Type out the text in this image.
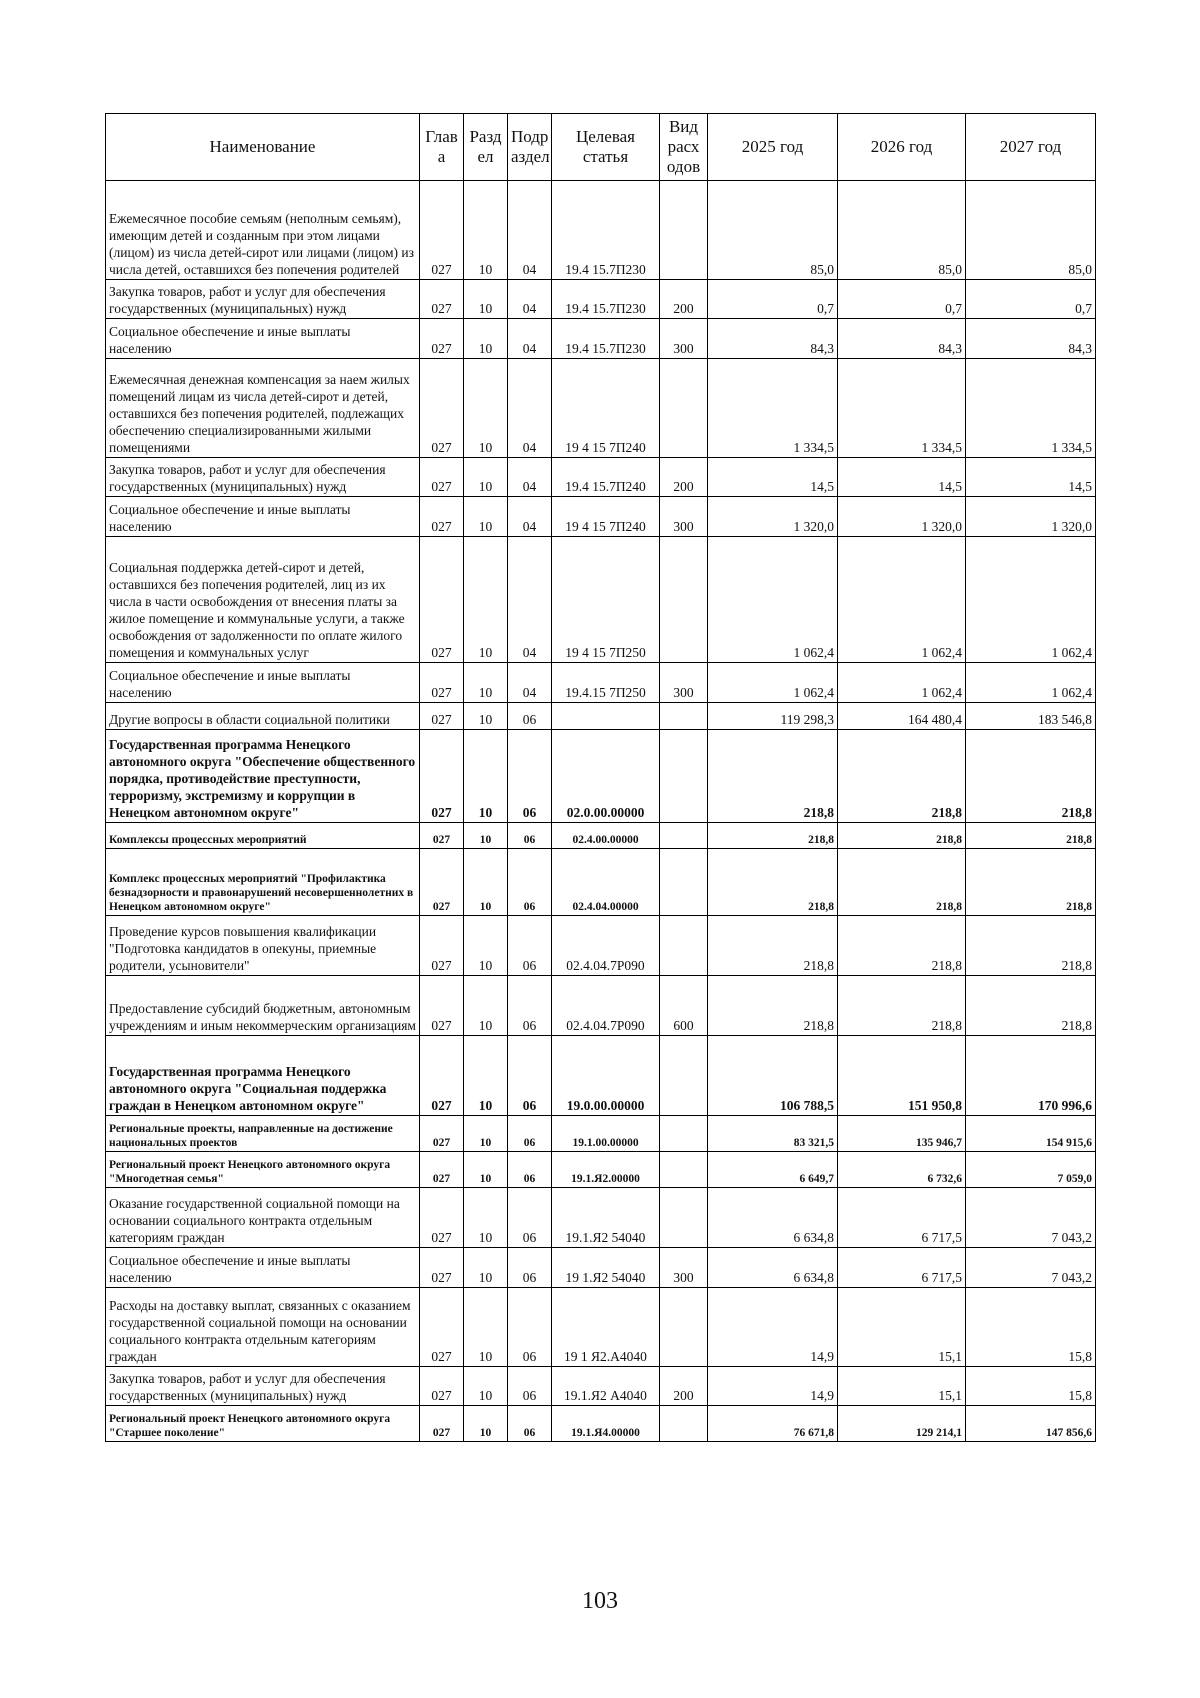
Наименование	Глав а	Разд ел	Подр аздел	Целевая статья	Вид расх одов	2025 год	2026 год	2027 год
Ежемесячное пособие семьям (неполным семьям), имеющим детей и созданным при этом лицами (лицом) из числа детей-сирот или лицами (лицом) из числа детей, оставшихся без попечения родителей	027	10	04	19.4 15.7П230		85,0	85,0	85,0
Закупка товаров, работ и услуг для обеспечения государственных (муниципальных) нужд	027	10	04	19.4 15.7П230	200	0,7	0,7	0,7
Социальное обеспечение и иные выплаты населению	027	10	04	19.4 15.7П230	300	84,3	84,3	84,3
Ежемесячная денежная компенсация за наем жилых помещений лицам из числа детей-сирот и детей, оставшихся без попечения родителей, подлежащих обеспечению специализированными жилыми помещениями	027	10	04	19 4 15 7П240		1 334,5	1 334,5	1 334,5
Закупка товаров, работ и услуг для обеспечения государственных (муниципальных) нужд	027	10	04	19.4 15.7П240	200	14,5	14,5	14,5
Социальное обеспечение и иные выплаты населению	027	10	04	19 4 15 7П240	300	1 320,0	1 320,0	1 320,0
Социальная поддержка детей-сирот и детей, оставшихся без попечения родителей, лиц из их числа в части освобождения от внесения платы за жилое помещение и коммунальные услуги, а также освобождения от задолженности по оплате жилого помещения и коммунальных услуг	027	10	04	19 4 15 7П250		1 062,4	1 062,4	1 062,4
Социальное обеспечение и иные выплаты населению	027	10	04	19.4.15 7П250	300	1 062,4	1 062,4	1 062,4
Другие вопросы в области социальной политики	027	10	06			119 298,3	164 480,4	183 546,8
Государственная программа Ненецкого автономного округа "Обеспечение общественного порядка, противодействие преступности, терроризму, экстремизму и коррупции в Ненецком автономном округе"	027	10	06	02.0.00.00000		218,8	218,8	218,8
Комплексы процессных мероприятий	027	10	06	02.4.00.00000		218,8	218,8	218,8
Комплекс процессных мероприятий "Профилактика безнадзорности и правонарушений несовершеннолетних в Ненецком автономном округе"	027	10	06	02.4.04.00000		218,8	218,8	218,8
Проведение курсов повышения квалификации "Подготовка кандидатов в опекуны, приемные родители, усыновители"	027	10	06	02.4.04.7Р090		218,8	218,8	218,8
Предоставление субсидий бюджетным, автономным учреждениям и иным некоммерческим организациям	027	10	06	02.4.04.7Р090	600	218,8	218,8	218,8
Государственная программа Ненецкого автономного округа "Социальная поддержка граждан в Ненецком автономном округе"	027	10	06	19.0.00.00000		106 788,5	151 950,8	170 996,6
Региональные проекты, направленные на достижение национальных проектов	027	10	06	19.1.00.00000		83 321,5	135 946,7	154 915,6
Региональный проект Ненецкого автономного округа "Многодетная семья"	027	10	06	19.1.Я2.00000		6 649,7	6 732,6	7 059,0
Оказание государственной социальной помощи на основании социального контракта отдельным категориям граждан	027	10	06	19.1.Я2 54040		6 634,8	6 717,5	7 043,2
Социальное обеспечение и иные выплаты населению	027	10	06	19 1.Я2 54040	300	6 634,8	6 717,5	7 043,2
Расходы на доставку выплат, связанных с оказанием государственной социальной помощи на основании социального контракта отдельным категориям граждан	027	10	06	19 1 Я2.А4040		14,9	15,1	15,8
Закупка товаров, работ и услуг для обеспечения государственных (муниципальных) нужд	027	10	06	19.1.Я2 А4040	200	14,9	15,1	15,8
Региональный проект Ненецкого автономного округа "Старшее поколение"	027	10	06	19.1.Я4.00000		76 671,8	129 214,1	147 856,6
103
